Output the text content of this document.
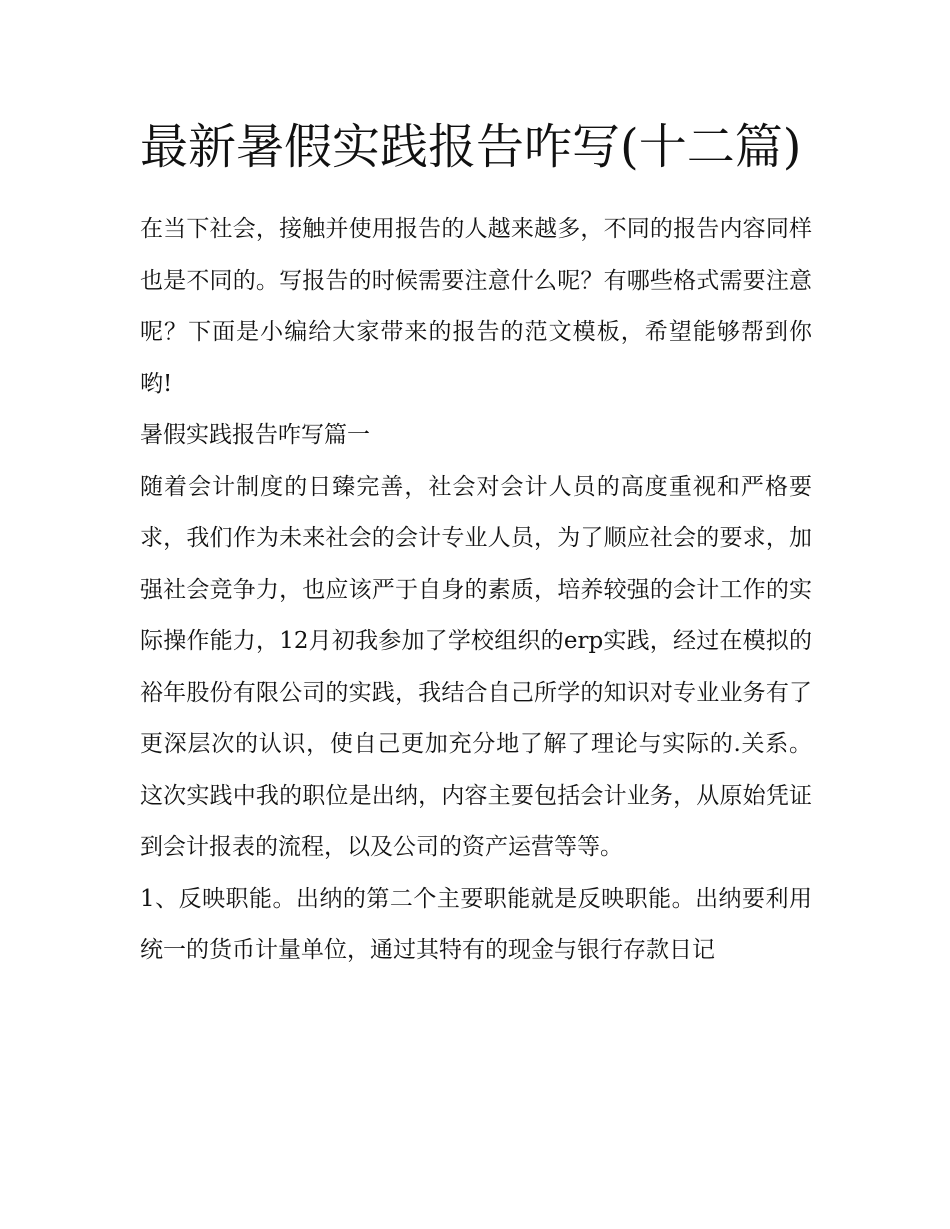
最新暑假实践报告咋写(十二篇)

在当下社会，接触并使用报告的人越来越多，不同的报告内容同样也是不同的。写报告的时候需要注意什么呢？有哪些格式需要注意呢？下面是小编给大家带来的报告的范文模板，希望能够帮到你哟!

暑假实践报告咋写篇一

随着会计制度的日臻完善，社会对会计人员的高度重视和严格要求，我们作为未来社会的会计专业人员，为了顺应社会的要求，加强社会竞争力，也应该严于自身的素质，培养较强的会计工作的实际操作能力，12月初我参加了学校组织的erp实践，经过在模拟的裕年股份有限公司的实践，我结合自己所学的知识对专业业务有了更深层次的认识，使自己更加充分地了解了理论与实际的.关系。这次实践中我的职位是出纳，内容主要包括会计业务，从原始凭证到会计报表的流程，以及公司的资产运营等等。

1、反映职能。出纳的第二个主要职能就是反映职能。出纳要利用统一的货币计量单位，通过其特有的现金与银行存款日记
